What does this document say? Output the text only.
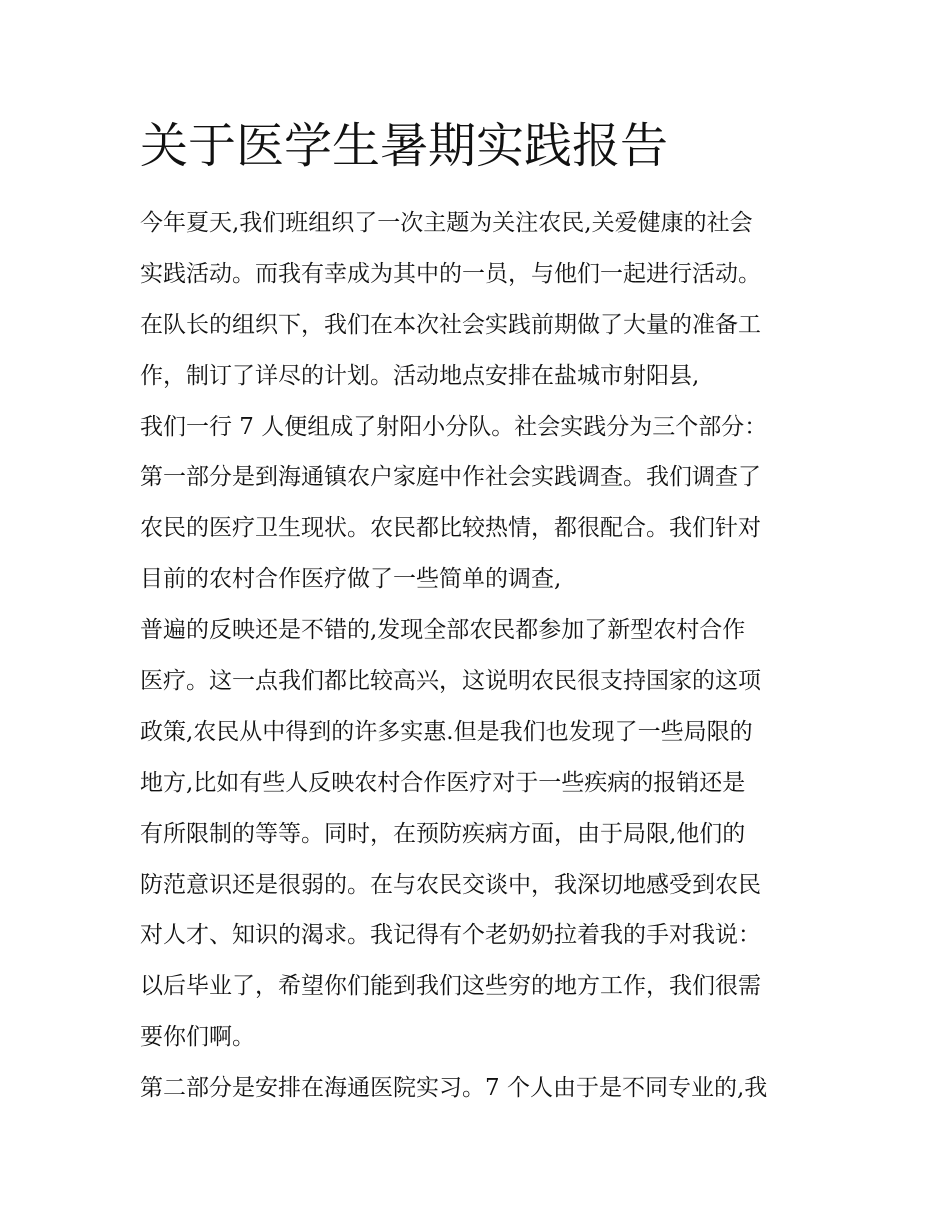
关于医学生暑期实践报告
今年夏天,我们班组织了一次主题为关注农民,关爱健康的社会
实践活动。而我有幸成为其中的一员，与他们一起进行活动。
在队长的组织下，我们在本次社会实践前期做了大量的准备工
作，制订了详尽的计划。活动地点安排在盐城市射阳县,
我们一行 7 人便组成了射阳小分队。社会实践分为三个部分：
第一部分是到海通镇农户家庭中作社会实践调查。我们调查了
农民的医疗卫生现状。农民都比较热情，都很配合。我们针对
目前的农村合作医疗做了一些简单的调查,
普遍的反映还是不错的,发现全部农民都参加了新型农村合作
医疗。这一点我们都比较高兴，这说明农民很支持国家的这项
政策,农民从中得到的许多实惠.但是我们也发现了一些局限的
地方,比如有些人反映农村合作医疗对于一些疾病的报销还是
有所限制的等等。同时，在预防疾病方面，由于局限,他们的
防范意识还是很弱的。在与农民交谈中，我深切地感受到农民
对人才、知识的渴求。我记得有个老奶奶拉着我的手对我说：
以后毕业了，希望你们能到我们这些穷的地方工作，我们很需
要你们啊。
第二部分是安排在海通医院实习。7 个人由于是不同专业的,我
